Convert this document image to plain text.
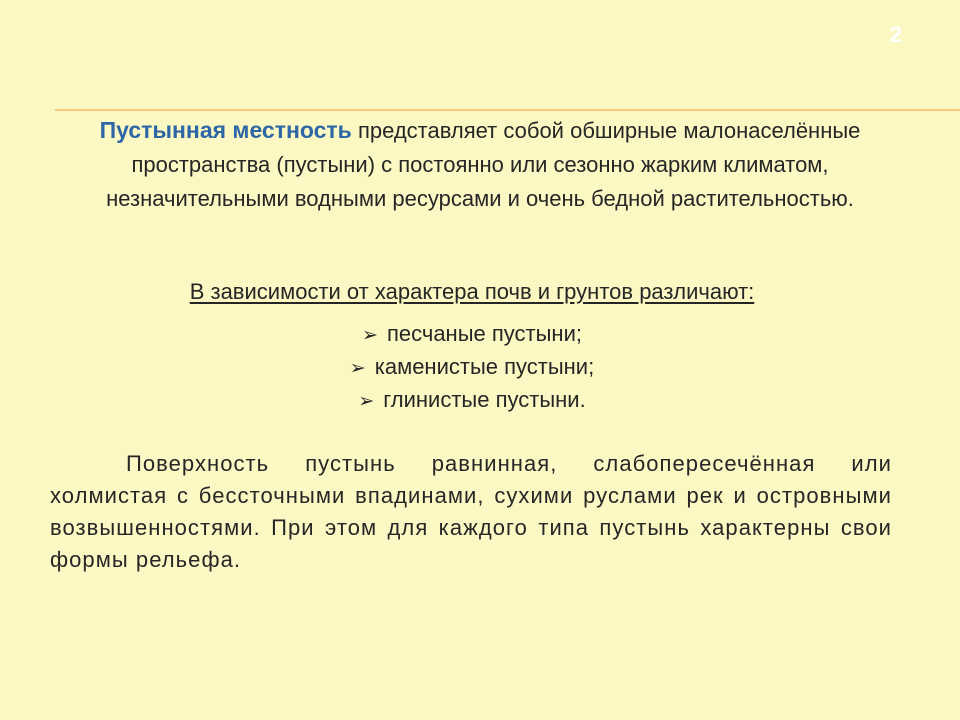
2

Пустынная местность представляет собой обширные малонаселённые пространства (пустыни) с постоянно или сезонно жарким климатом, незначительными водными ресурсами и очень бедной растительностью.

В зависимости от характера почв и грунтов различают:
➢ песчаные пустыни;
➢ каменистые пустыни;
➢ глинистые пустыни.

Поверхность пустынь равнинная, слабопересечённая или холмистая с бессточными впадинами, сухими руслами рек и островными возвышенностями. При этом для каждого типа пустынь характерны свои формы рельефа.
